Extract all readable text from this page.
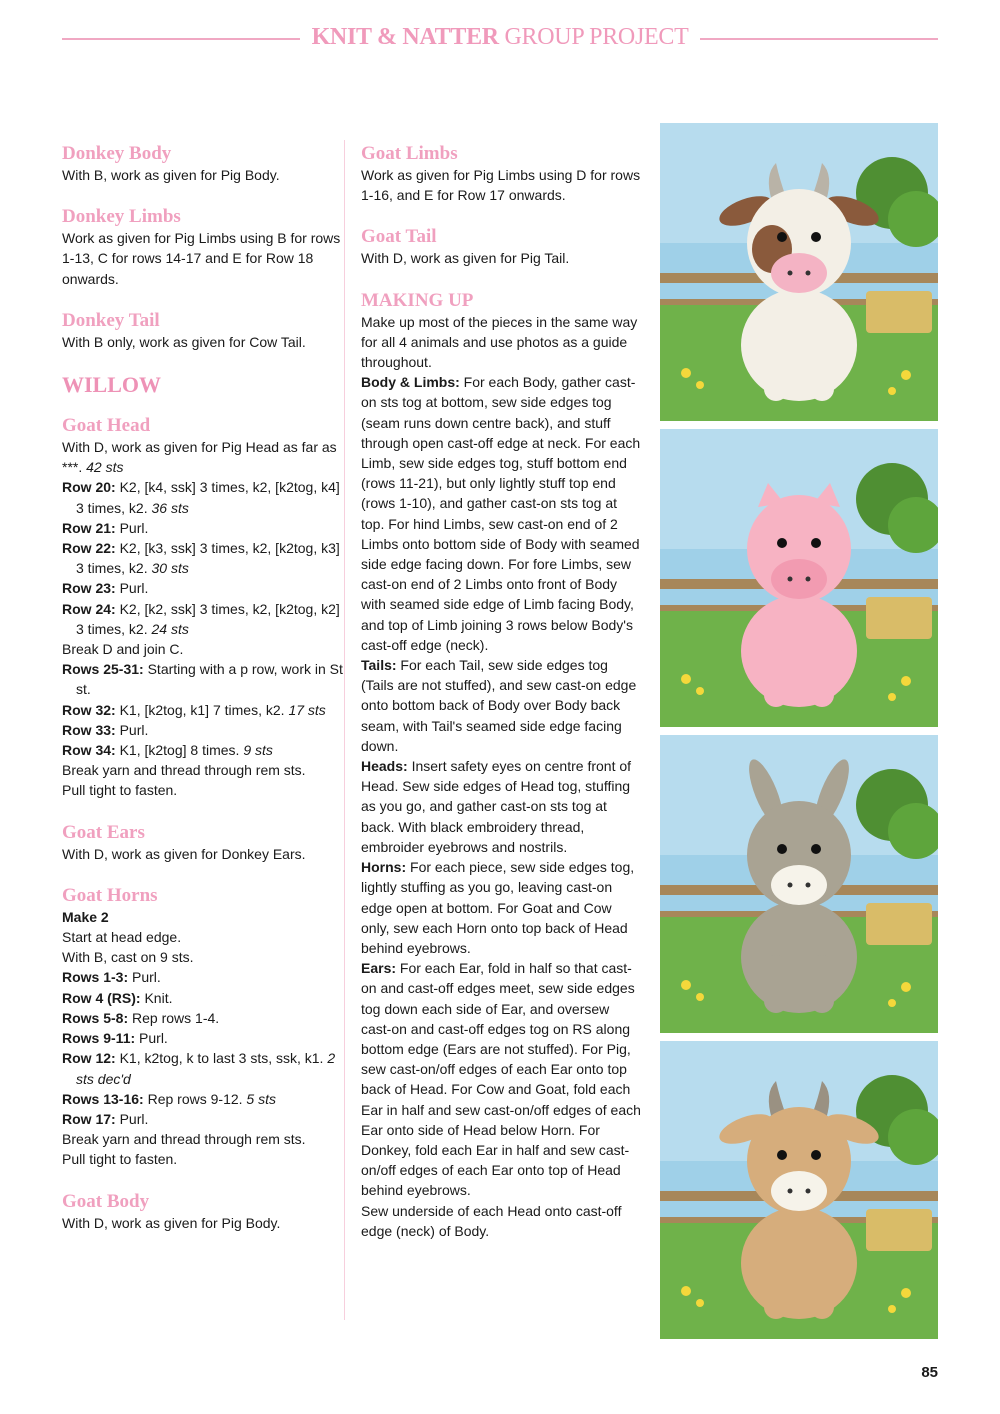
KNIT & NATTER GROUP PROJECT
Donkey Body

With B, work as given for Pig Body.

Donkey Limbs

Work as given for Pig Limbs using B for rows 1-13, C for rows 14-17 and E for Row 18 onwards.

Donkey Tail

With B only, work as given for Cow Tail.

WILLOW
Goat Head

With D, work as given for Pig Head as far as ***. 42 sts

Row 20: K2, [k4, ssk] 3 times, k2, [k2tog, k4] 3 times, k2. 36 sts

Row 21: Purl.

Row 22: K2, [k3, ssk] 3 times, k2, [k2tog, k3] 3 times, k2. 30 sts

Row 23: Purl.

Row 24: K2, [k2, ssk] 3 times, k2, [k2tog, k2] 3 times, k2. 24 sts

Break D and join C.

Rows 25-31: Starting with a p row, work in St st.

Row 32: K1, [k2tog, k1] 7 times, k2. 17 sts

Row 33: Purl.

Row 34: K1, [k2tog] 8 times. 9 sts

Break yarn and thread through rem sts.

Pull tight to fasten.

Goat Ears

With D, work as given for Donkey Ears.

Goat Horns

Make 2

Start at head edge.

With B, cast on 9 sts.

Rows 1-3: Purl.

Row 4 (RS): Knit.

Rows 5-8: Rep rows 1-4.

Rows 9-11: Purl.

Row 12: K1, k2tog, k to last 3 sts, ssk, k1. 2 sts dec'd

Rows 13-16: Rep rows 9-12. 5 sts

Row 17: Purl.

Break yarn and thread through rem sts.

Pull tight to fasten.

Goat Body

With D, work as given for Pig Body.

Goat Limbs

Work as given for Pig Limbs using D for rows 1-16, and E for Row 17 onwards.

Goat Tail

With D, work as given for Pig Tail.

MAKING UP

Make up most of the pieces in the same way for all 4 animals and use photos as a guide throughout.

Body & Limbs: For each Body, gather cast-on sts tog at bottom, sew side edges tog (seam runs down centre back), and stuff through open cast-off edge at neck. For each Limb, sew side edges tog, stuff bottom end (rows 11-21), but only lightly stuff top end (rows 1-10), and gather cast-on sts tog at top. For hind Limbs, sew cast-on end of 2 Limbs onto bottom side of Body with seamed side edge facing down. For fore Limbs, sew cast-on end of 2 Limbs onto front of Body with seamed side edge of Limb facing Body, and top of Limb joining 3 rows below Body's cast-off edge (neck).

Tails: For each Tail, sew side edges tog (Tails are not stuffed), and sew cast-on edge onto bottom back of Body over Body back seam, with Tail's seamed side edge facing down.

Heads: Insert safety eyes on centre front of Head. Sew side edges of Head tog, stuffing as you go, and gather cast-on sts tog at back. With black embroidery thread, embroider eyebrows and nostrils.

Horns: For each piece, sew side edges tog, lightly stuffing as you go, leaving cast-on edge open at bottom. For Goat and Cow only, sew each Horn onto top back of Head behind eyebrows.

Ears: For each Ear, fold in half so that cast-on and cast-off edges meet, sew side edges tog down each side of Ear, and oversew cast-on and cast-off edges tog on RS along bottom edge (Ears are not stuffed). For Pig, sew cast-on/off edges of each Ear onto top back of Head. For Cow and Goat, fold each Ear in half and sew cast-on/off edges of each Ear onto side of Head below Horn. For Donkey, fold each Ear in half and sew cast-on/off edges of each Ear onto top of Head behind eyebrows.

Sew underside of each Head onto cast-off edge (neck) of Body.

85
